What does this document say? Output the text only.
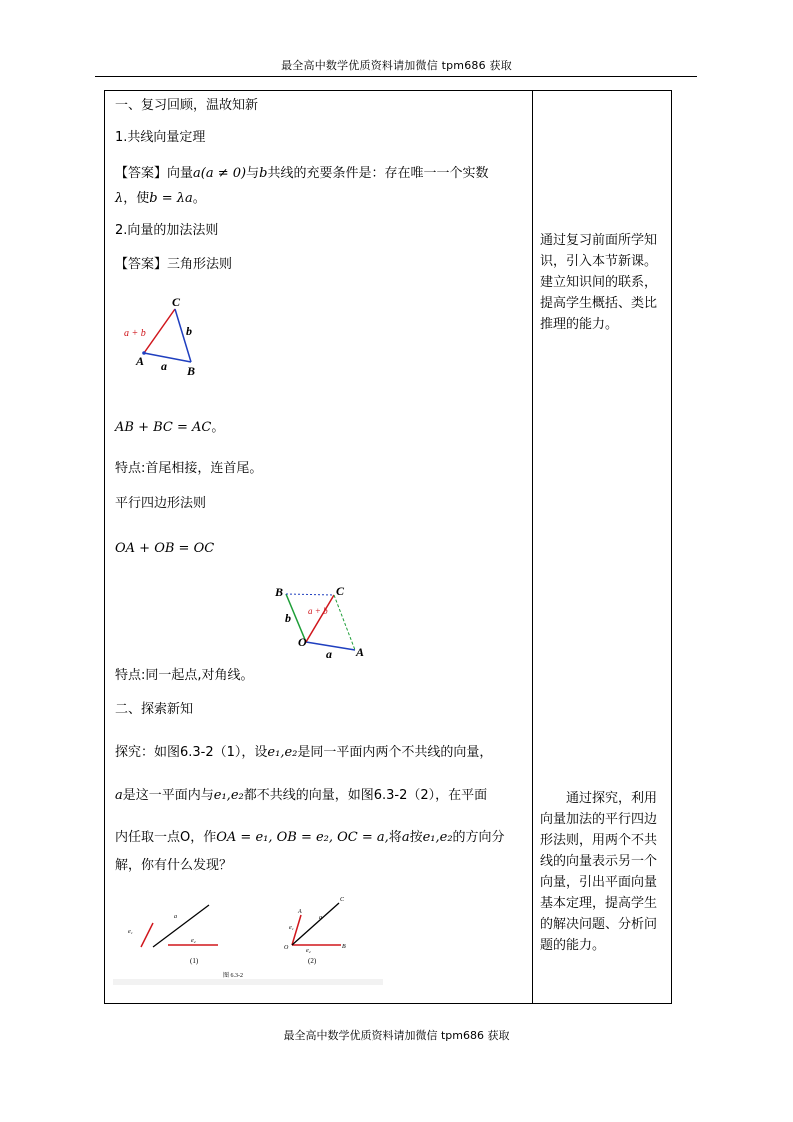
最全高中数学优质资料请加微信 tpm686 获取
一、复习回顾，温故知新
1.共线向量定理
【答案】向量a(a ≠ 0)与b共线的充要条件是：存在唯一一个实数
λ，使b = λa。
2.向量的加法法则
【答案】三角形法则
A
B
C
a + b	b
a
AB + BC = AC。
特点:首尾相接，连首尾。
平行四边形法则
OA + OB = OC
B	C
O
A
a + b
b
a
特点:同一起点,对角线。
二、探索新知
探究：如图6.3-2（1），设e₁,e₂是同一平面内两个不共线的向量，
a是这一平面内与e₁,e₂都不共线的向量，如图6.3-2（2），在平面
内任取一点O，作OA = e₁, OB = e₂, OC = a,将a按e₁,e₂的方向分
解，你有什么发现？
e₁
a
e₂
(1)
O
A
B
C
e₁
e₂
a
(2)
图 6.3-2

通过复习前面所学知识，引入本节新课。建立知识间的联系，提高学生概括、类比推理的能力。

通过探究，利用向量加法的平行四边形法则，用两个不共线的向量表示另一个向量，引出平面向量基本定理，提高学生的解决问题、分析问题的能力。

最全高中数学优质资料请加微信 tpm686 获取
